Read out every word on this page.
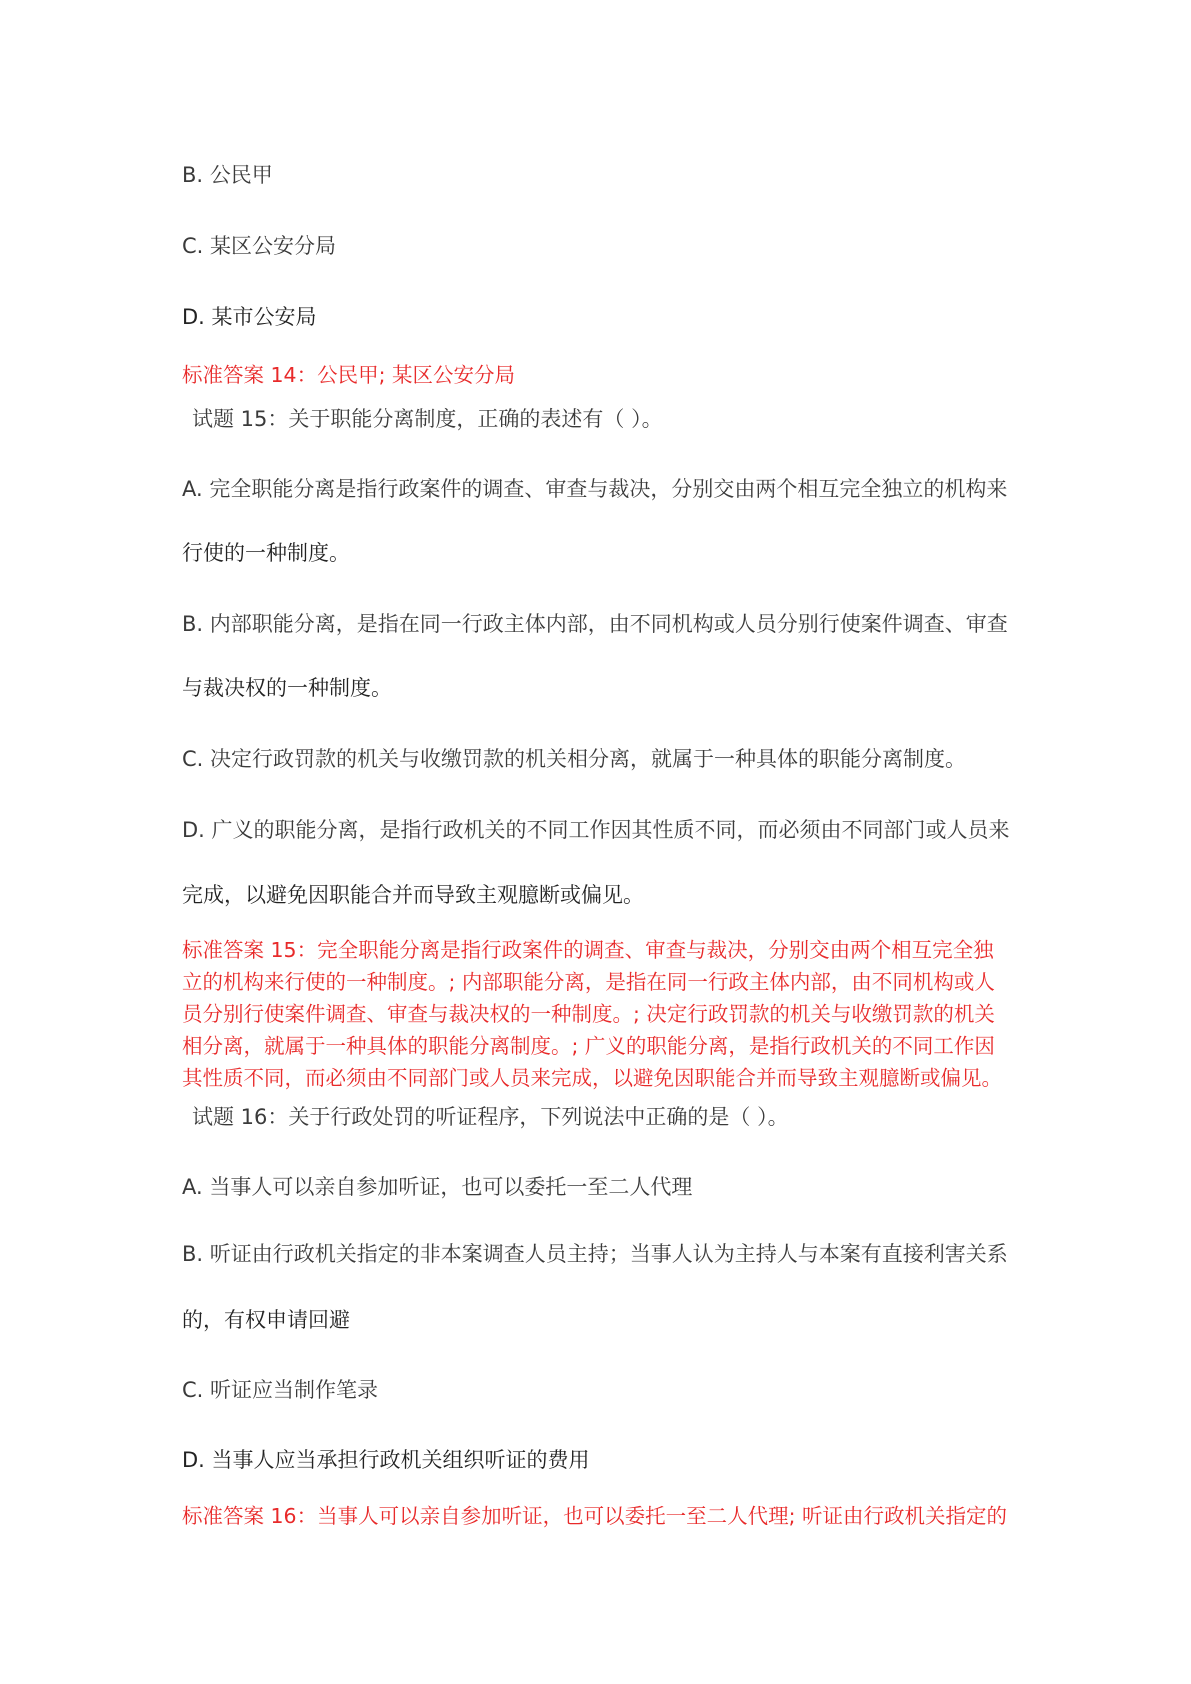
B. 公民甲

C. 某区公安分局

D. 某市公安局

标准答案 14：公民甲; 某区公安分局

试题 15：关于职能分离制度，正确的表述有（ ）。

A. 完全职能分离是指行政案件的调查、审查与裁决，分别交由两个相互完全独立的机构来

行使的一种制度。

B. 内部职能分离，是指在同一行政主体内部，由不同机构或人员分别行使案件调查、审查

与裁决权的一种制度。

C. 决定行政罚款的机关与收缴罚款的机关相分离，就属于一种具体的职能分离制度。

D. 广义的职能分离，是指行政机关的不同工作因其性质不同，而必须由不同部门或人员来

完成，以避免因职能合并而导致主观臆断或偏见。

标准答案 15：完全职能分离是指行政案件的调查、审查与裁决，分别交由两个相互完全独
立的机构来行使的一种制度。; 内部职能分离，是指在同一行政主体内部，由不同机构或人
员分别行使案件调查、审查与裁决权的一种制度。; 决定行政罚款的机关与收缴罚款的机关
相分离，就属于一种具体的职能分离制度。; 广义的职能分离，是指行政机关的不同工作因
其性质不同，而必须由不同部门或人员来完成，以避免因职能合并而导致主观臆断或偏见。

试题 16：关于行政处罚的听证程序，下列说法中正确的是（ ）。

A. 当事人可以亲自参加听证，也可以委托一至二人代理

B. 听证由行政机关指定的非本案调查人员主持；当事人认为主持人与本案有直接利害关系

的，有权申请回避

C. 听证应当制作笔录

D. 当事人应当承担行政机关组织听证的费用

标准答案 16：当事人可以亲自参加听证，也可以委托一至二人代理; 听证由行政机关指定的
